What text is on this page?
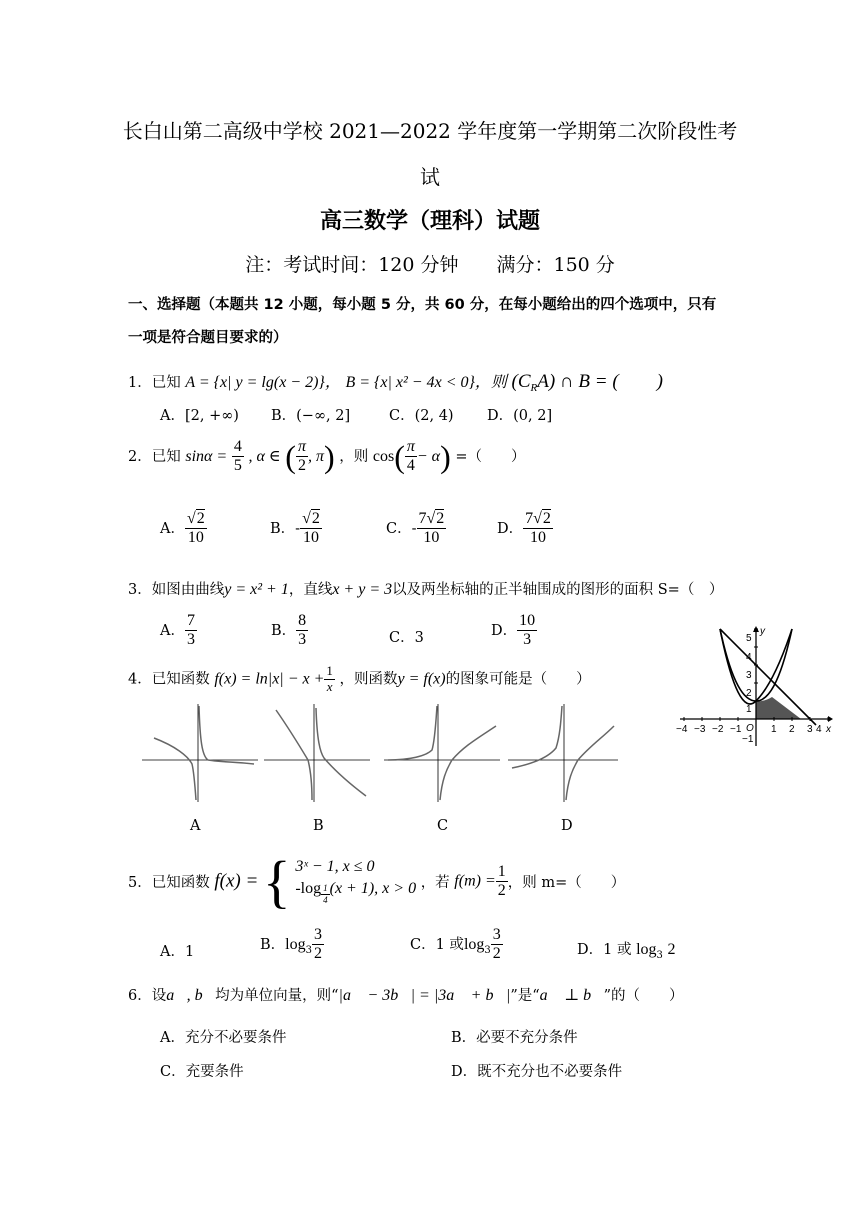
长白山第二高级中学校 2021—2022 学年度第一学期第二次阶段性考
试
高三数学（理科）试题
注：考试时间：120 分钟　　满分：150 分
一、选择题（本题共 12 小题，每小题 5 分，共 60 分，在每小题给出的四个选项中，只有
一项是符合题目要求的）
1．已知 A = {x| y = lg(x − 2)}， B = {x| x² − 4x < 0}，则 $(C_RA)$ ∩ B = (　　)
A．[2, +∞) B．(−∞, 2]	C．(2, 4) D．(0, 2]
2．已知 $\sin\alpha = \frac{4}{5}$ , α ∈ ( $\frac{\pi}{2}$ , π) ，则 $\cos( \frac{\pi}{4} - \alpha)$ =（　　）
A． $\frac{√2}{10}$	B．- $\frac{√2}{10}$	C．- $\frac{7√2}{10}$	D． $\frac{7√2}{10}$
3．如图由曲线y = x² + 1，直线x + y = 3以及两坐标轴的正半轴围成的图形的面积 S=（　）
A． $\frac{7}{3}$	B． $\frac{8}{3}$	C．3	D． $\frac{10}{3}$
−4 −3 −2 −1 O 1 2 3 4 x
5
4
3
2
1
−1
y
4．已知函数 $f(x) = \ln|x| - x + \frac{1}{x}$ ，则函数y = f(x)的图象可能是（　　）
A	B	C	D
5．已知函数 f(x) = { 3ˣ − 1, x ≤ 0
-log $_{\frac{1}{4}}$ (x + 1), x > 0 ，若 $f(m) = \frac{1}{2}$ ，则 m=（　　）
A．1	B．$\log_3 \frac{3}{2}$	C．1 或$\log_3 \frac{3}{2}$	D．1 或 $\log_3 2$
6．设a⃗, b⃗均为单位向量，则“|a⃗ − 3b⃗| = |3a⃗ + b⃗|”是“a⃗ ⊥ b⃗”的（　　）
A．充分不必要条件	B．必要不充分条件
C．充要条件	D．既不充分也不必要条件
